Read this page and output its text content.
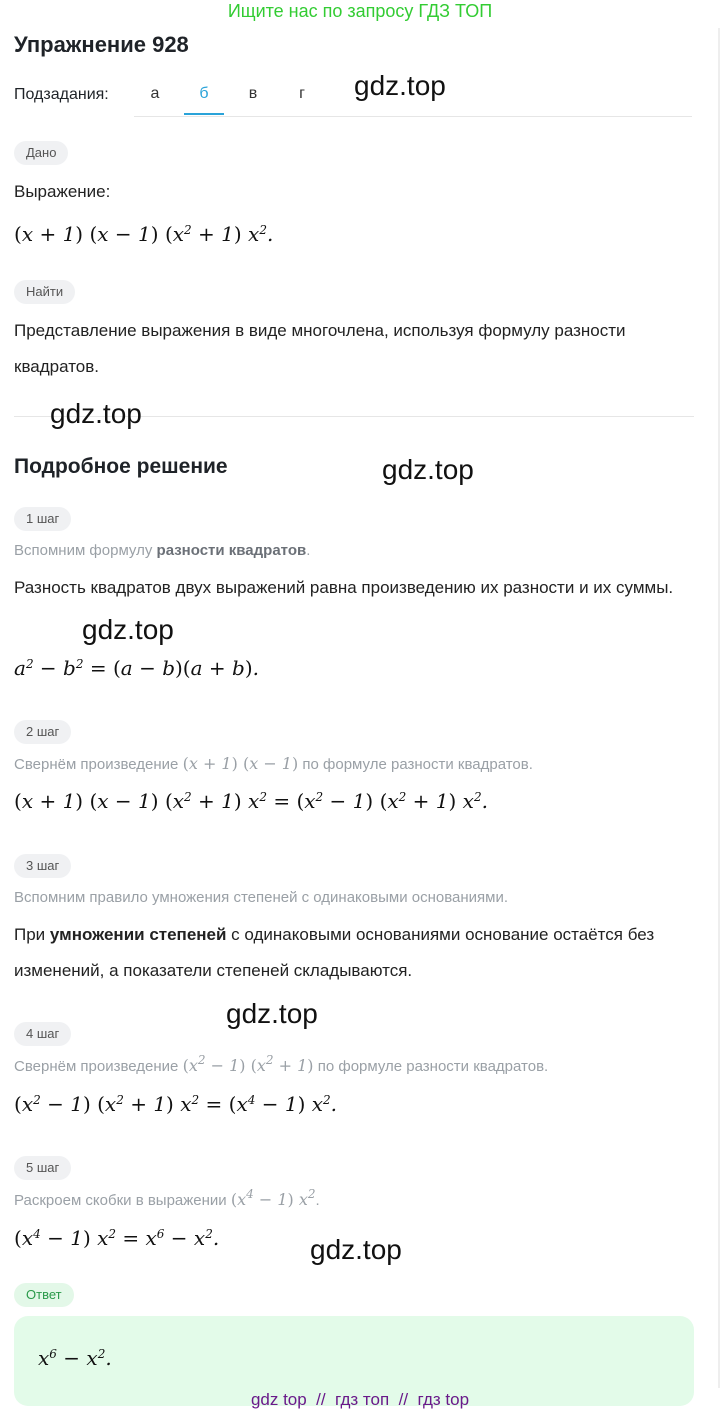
Ищите нас по запросу ГДЗ ТОП
Упражнение 928
Подзадания:	а	б	в	г
Дано
Выражение:
(x + 1) (x − 1) $(x^2 + 1)$ $x^2$.
Найти
Представление выражения в виде многочлена, используя формулу разности квадратов.
Подробное решение
1 шаг
Вспомним формулу разности квадратов.
Разность квадратов двух выражений равна произведению их разности и их суммы.
$a^2 - b^2 = (a - b)(a + b)$.
2 шаг
Свернём произведение (x + 1) (x − 1) по формуле разности квадратов.
(x + 1) (x − 1) $(x^2 + 1) x^2 = (x^2 - 1) (x^2 + 1)$ $x^2$.
3 шаг
Вспомним правило умножения степеней с одинаковыми основаниями.
При умножении степеней с одинаковыми основаниями основание остаётся без изменений, а показатели степеней складываются.
4 шаг
Свернём произведение $(x^2 - 1) (x^2 + 1)$ по формуле разности квадратов.
$(x^2 - 1) (x^2 + 1) x^2 = (x^4 - 1)$ $x^2$.
5 шаг
Раскроем скобки в выражении $(x^4 - 1)$ $x^2$.
$(x^4 - 1) x^2 = x^6 - x^2$.
Ответ
$x^6 - x^2$.
gdz.top
gdz.top
gdz.top
gdz.top
gdz.top
gdz.top
gdz top  //  гдз топ  //  гдз top
